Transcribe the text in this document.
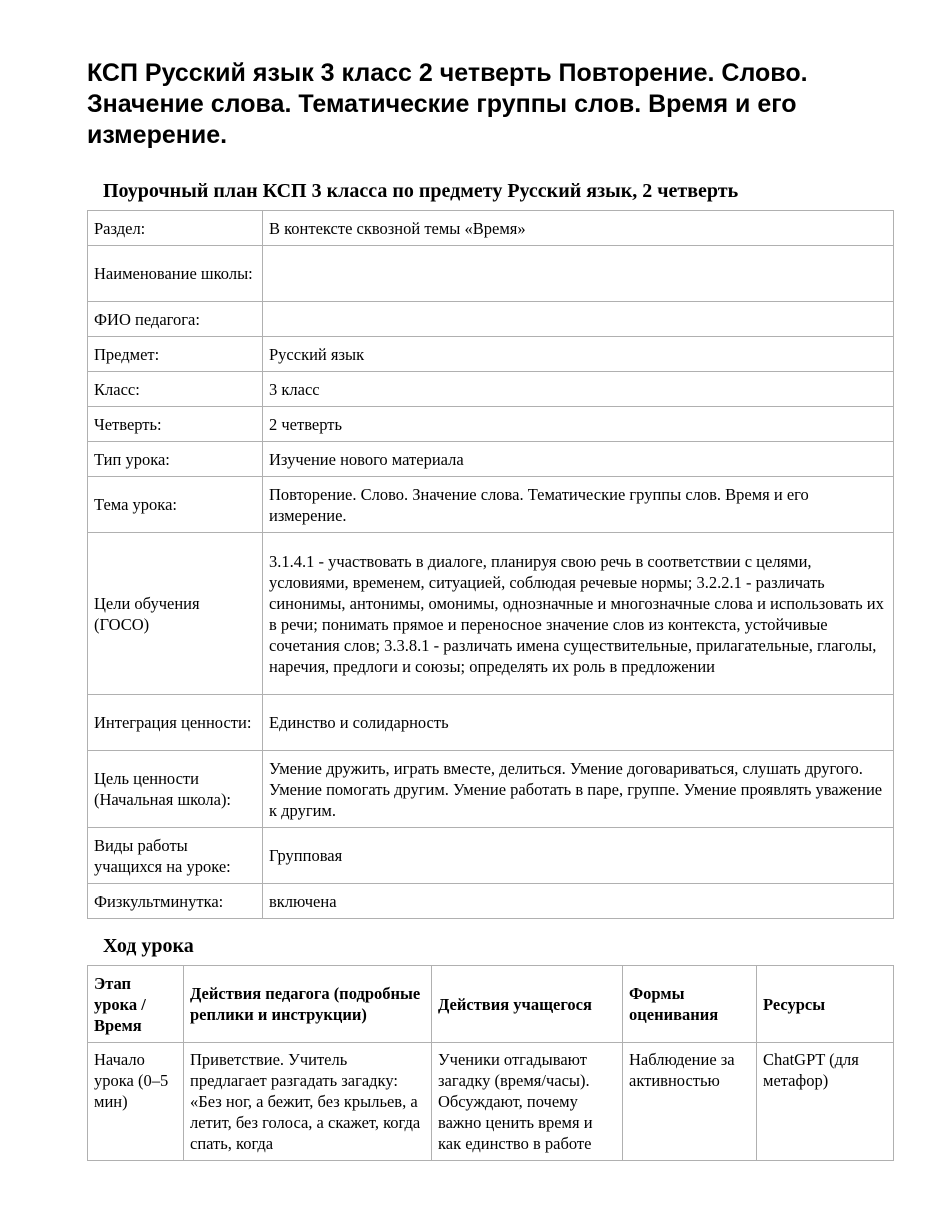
КСП Русский язык 3 класс 2 четверть Повторение. Слово. Значение слова. Тематические группы слов. Время и его измерение.
Поурочный план КСП 3 класса по предмету Русский язык, 2 четверть
Раздел:	В контексте сквозной темы «Время»
Наименование школы:	
ФИО педагога:	
Предмет:	Русский язык
Класс:	3 класс
Четверть:	2 четверть
Тип урока:	Изучение нового материала
Тема урока:	Повторение. Слово. Значение слова. Тематические группы слов. Время и его измерение.
Цели обучения (ГОСО)	3.1.4.1 - участвовать в диалоге, планируя свою речь в соответствии с целями, условиями, временем, ситуацией, соблюдая речевые нормы; 3.2.2.1 - различать синонимы, антонимы, омонимы, однозначные и многозначные слова и использовать их в речи; понимать прямое и переносное значение слов из контекста, устойчивые сочетания слов; 3.3.8.1 - различать имена существительные, прилагательные, глаголы, наречия, предлоги и союзы; определять их роль в предложении
Интеграция ценности:	Единство и солидарность
Цель ценности (Начальная школа):	Умение дружить, играть вместе, делиться. Умение договариваться, слушать другого. Умение помогать другим. Умение работать в паре, группе. Умение проявлять уважение к другим.
Виды работы учащихся на уроке:	Групповая
Физкультминутка:	включена
Ход урока
Этап урока / Время	Действия педагога (подробные реплики и инструкции)	Действия учащегося	Формы оценивания	Ресурсы

Начало урока (0–5 мин)	Приветствие. Учитель предлагает разгадать загадку: «Без ног, а бежит, без крыльев, а летит, без голоса, а скажет, когда спать, когда	Ученики отгадывают загадку (время/часы). Обсуждают, почему важно ценить время и как единство в работе	Наблюдение за активностью	ChatGPT (для метафор)
